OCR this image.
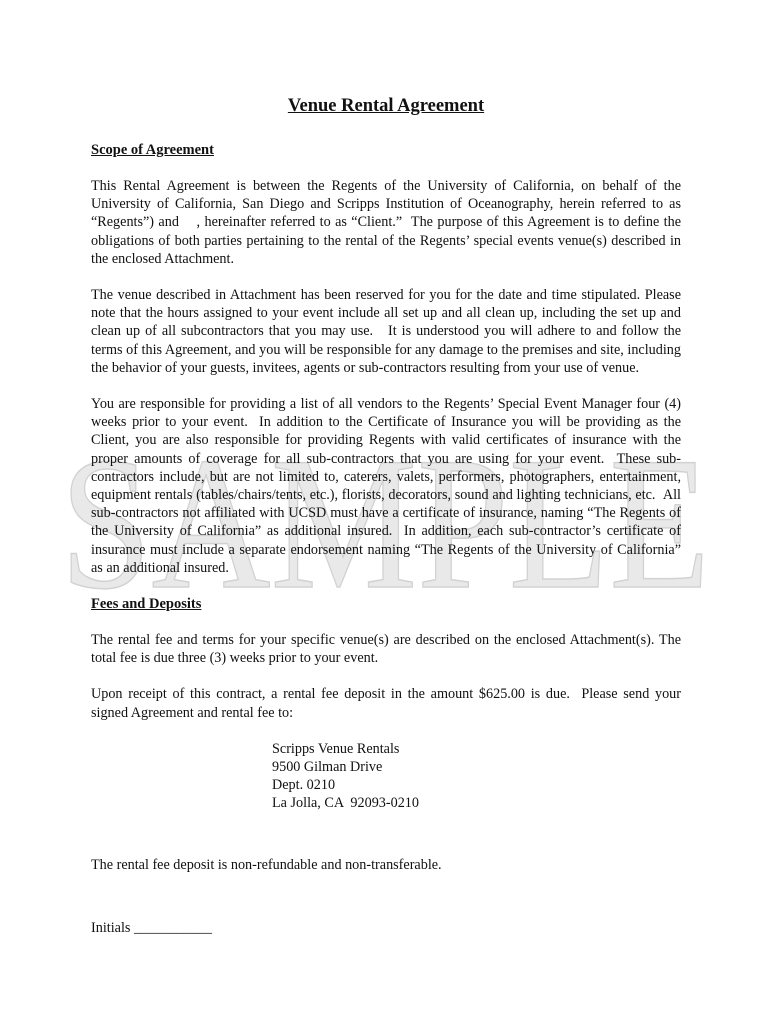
SAMPLE
Venue Rental Agreement
Scope of Agreement

This Rental Agreement is between the Regents of the University of California, on behalf of the University of California, San Diego and Scripps Institution of Oceanography, herein referred to as “Regents”) and    , hereinafter referred to as “Client.”  The purpose of this Agreement is to define the obligations of both parties pertaining to the rental of the Regents’ special events venue(s) described in the enclosed Attachment.

The venue described in Attachment has been reserved for you for the date and time stipulated. Please note that the hours assigned to your event include all set up and all clean up, including the set up and clean up of all subcontractors that you may use.   It is understood you will adhere to and follow the terms of this Agreement, and you will be responsible for any damage to the premises and site, including the behavior of your guests, invitees, agents or sub-contractors resulting from your use of venue.

You are responsible for providing a list of all vendors to the Regents’ Special Event Manager four (4) weeks prior to your event.  In addition to the Certificate of Insurance you will be providing as the Client, you are also responsible for providing Regents with valid certificates of insurance with the proper amounts of coverage for all sub-contractors that you are using for your event.  These sub-contractors include, but are not limited to, caterers, valets, performers, photographers, entertainment, equipment rentals (tables/chairs/tents, etc.), florists, decorators, sound and lighting technicians, etc.  All sub-contractors not affiliated with UCSD must have a certificate of insurance, naming “The Regents of the University of California” as additional insured.  In addition, each sub-contractor’s certificate of insurance must include a separate endorsement naming “The Regents of the University of California” as an additional insured.

Fees and Deposits

The rental fee and terms for your specific venue(s) are described on the enclosed Attachment(s). The total fee is due three (3) weeks prior to your event.

Upon receipt of this contract, a rental fee deposit in the amount $625.00 is due.  Please send your signed Agreement and rental fee to:

Scripps Venue Rentals
9500 Gilman Drive
Dept. 0210
La Jolla, CA  92093-0210

The rental fee deposit is non-refundable and non-transferable.

Initials ___________
